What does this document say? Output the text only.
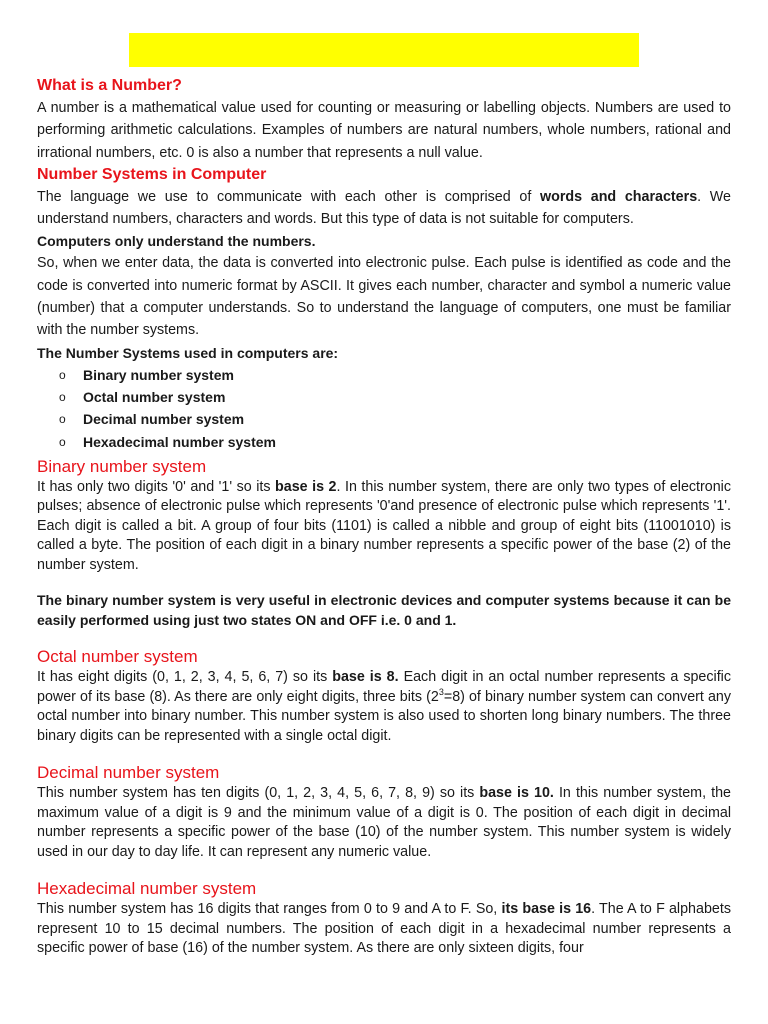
What is a Number?

A number is a mathematical value used for counting or measuring or labelling objects. Numbers are used to performing arithmetic calculations. Examples of numbers are natural numbers, whole numbers, rational and irrational numbers, etc. 0 is also a number that represents a null value.

Number Systems in Computer

The language we use to communicate with each other is comprised of words and characters. We understand numbers, characters and words. But this type of data is not suitable for computers.

Computers only understand the numbers.

So, when we enter data, the data is converted into electronic pulse. Each pulse is identified as code and the code is converted into numeric format by ASCII. It gives each number, character and symbol a numeric value (number) that a computer understands. So to understand the language of computers, one must be familiar with the number systems.

The Number Systems used in computers are:
o Binary number system
o Octal number system
o Decimal number system
o Hexadecimal number system
Binary number system

It has only two digits '0' and '1' so its base is 2. In this number system, there are only two types of electronic pulses; absence of electronic pulse which represents '0'and presence of electronic pulse which represents '1'. Each digit is called a bit. A group of four bits (1101) is called a nibble and group of eight bits (11001010) is called a byte. The position of each digit in a binary number represents a specific power of the base (2) of the number system.

The binary number system is very useful in electronic devices and computer systems because it can be easily performed using just two states ON and OFF i.e. 0 and 1.

Octal number system

It has eight digits (0, 1, 2, 3, 4, 5, 6, 7) so its base is 8. Each digit in an octal number represents a specific power of its base (8). As there are only eight digits, three bits $(2^3=8)$ of binary number system can convert any octal number into binary number. This number system is also used to shorten long binary numbers. The three binary digits can be represented with a single octal digit.

Decimal number system

This number system has ten digits (0, 1, 2, 3, 4, 5, 6, 7, 8, 9) so its base is 10. In this number system, the maximum value of a digit is 9 and the minimum value of a digit is 0. The position of each digit in decimal number represents a specific power of the base (10) of the number system. This number system is widely used in our day to day life. It can represent any numeric value.

Hexadecimal number system

This number system has 16 digits that ranges from 0 to 9 and A to F. So, its base is 16. The A to F alphabets represent 10 to 15 decimal numbers. The position of each digit in a hexadecimal number represents a specific power of base (16) of the number system. As there are only sixteen digits, four
